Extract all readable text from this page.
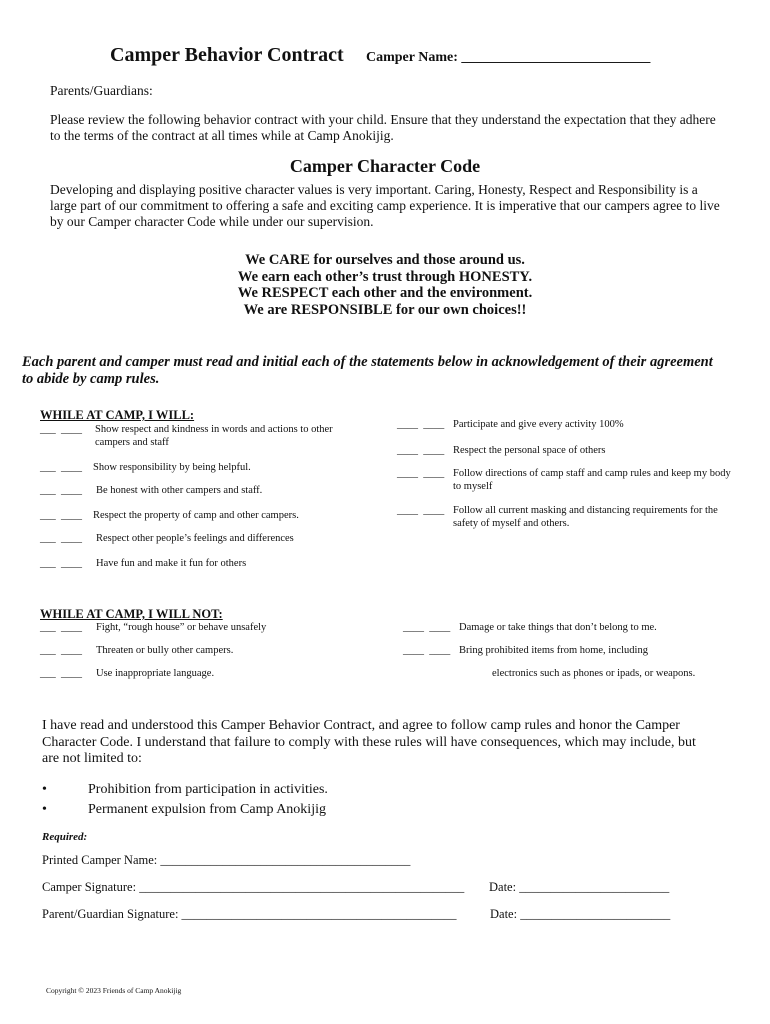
Camper Behavior Contract Camper Name: ___________________________
Parents/Guardians:
Please review the following behavior contract with your child. Ensure that they understand the expectation that they adhere to the terms of the contract at all times while at Camp Anokijig.
Camper Character Code
Developing and displaying positive character values is very important. Caring, Honesty, Respect and Responsibility is a large part of our commitment to offering a safe and exciting camp experience. It is imperative that our campers agree to live by our Camper character Code while under our supervision.
We CARE for ourselves and those around us.
We earn each other’s trust through HONESTY.
We RESPECT each other and the environment.
We are RESPONSIBLE for our own choices!!
Each parent and camper must read and initial each of the statements below in acknowledgement of their agreement to abide by camp rules.
WHILE AT CAMP, I WILL:
___  ____ Show respect and kindness in words and actions to other campers and staff
___  ____ Show responsibility by being helpful.
___  ____ Be honest with other campers and staff.
___  ____ Respect the property of camp and other campers.
___  ____ Respect other people’s feelings and differences
___  ____ Have fun and make it fun for others
____  ____ Participate and give every activity 100%
____  ____ Respect the personal space of others
____  ____ Follow directions of camp staff and camp rules and keep my body to myself
____  ____ Follow all current masking and distancing requirements for the safety of myself and others.
WHILE AT CAMP, I WILL NOT:
___  ____ Fight, “rough house” or behave unsafely
___  ____ Threaten or bully other campers.
___  ____ Use inappropriate language.
____  ____ Damage or take things that don’t belong to me.
____  ____ Bring prohibited items from home, including
electronics such as phones or ipads, or weapons.
I have read and understood this Camper Behavior Contract, and agree to follow camp rules and honor the Camper Character Code. I understand that failure to comply with these rules will have consequences, which may include, but are not limited to:
•	Prohibition from participation in activities.
•	Permanent expulsion from Camp Anokijig
Required:
Printed Camper Name: ________________________________________
Camper Signature: ____________________________________________________ Date: ________________________
Parent/Guardian Signature: ____________________________________________	Date: ________________________
Copyright © 2023 Friends of Camp Anokijig
